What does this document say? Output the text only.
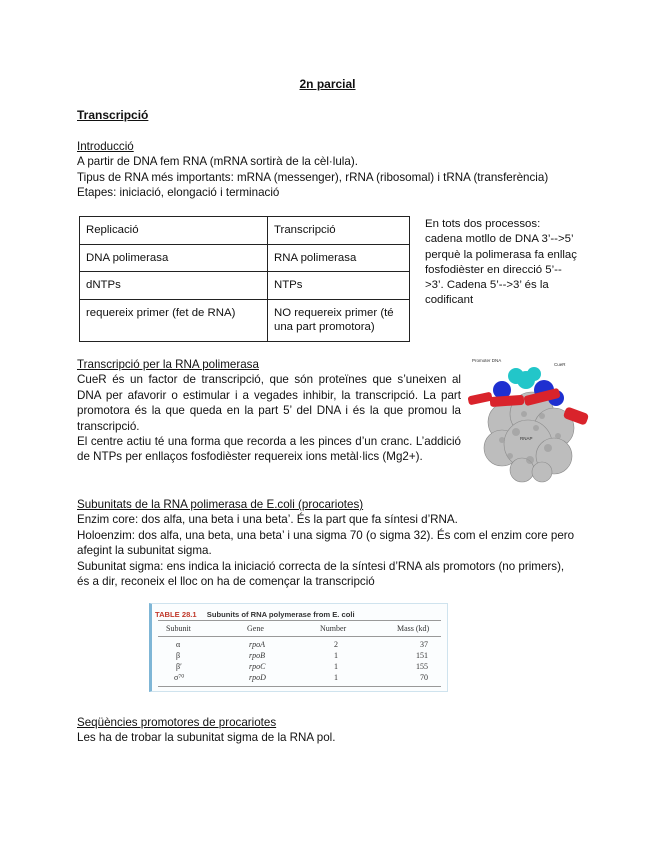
2n parcial
Transcripció

Introducció

A partir de DNA fem RNA (mRNA sortirà de la cèl·lula).

Tipus de RNA més importants: mRNA (messenger), rRNA (ribosomal) i tRNA (transferència)

Etapes: iniciació, elongació i terminació

Replicació	Transcripció
DNA polimerasa	RNA polimerasa
dNTPs	NTPs
requereix primer (fet de RNA)	NO requereix primer (té una part promotora)
En tots dos processos: cadena motllo de DNA 3’-->5’ perquè la polimerasa fa enllaç fosfodièster en direcció 5’-->3’. Cadena 5’-->3’ és la codificant

Transcripció per la RNA polimerasa

CueR és un factor de transcripció, que són proteïnes que s’uneixen al DNA per afavorir o estimular i a vegades inhibir, la transcripció. La part promotora és la que queda en la part 5’ del DNA i és la que promou la transcripció.

El centre actiu té una forma que recorda a les pinces d’un cranc. L’addició de NTPs per enllaços fosfodièster requereix ions metàl·lics (Mg2+).

Promoter DNA
CueR
RNAP

Subunitats de la RNA polimerasa de E.coli (procariotes)

Enzim core: dos alfa, una beta i una beta’. És la part que fa síntesi d’RNA.

Holoenzim: dos alfa, una beta, una beta’ i una sigma 70 (o sigma 32). És com el enzim core pero afegint la subunitat sigma.

Subunitat sigma: ens indica la iniciació correcta de la síntesi d’RNA als promotors (no primers), és a dir, reconeix el lloc on ha de començar la transcripció

TABLE 28.1 Subunits of RNA polymerase from E. coli
Subunit	Gene	Number	Mass (kd)
α	rpoA	2	37
β	rpoB	1	151
β′	rpoC	1	155
σ⁷⁰	rpoD	1	70

Seqüències promotores de procariotes

Les ha de trobar la subunitat sigma de la RNA pol.
